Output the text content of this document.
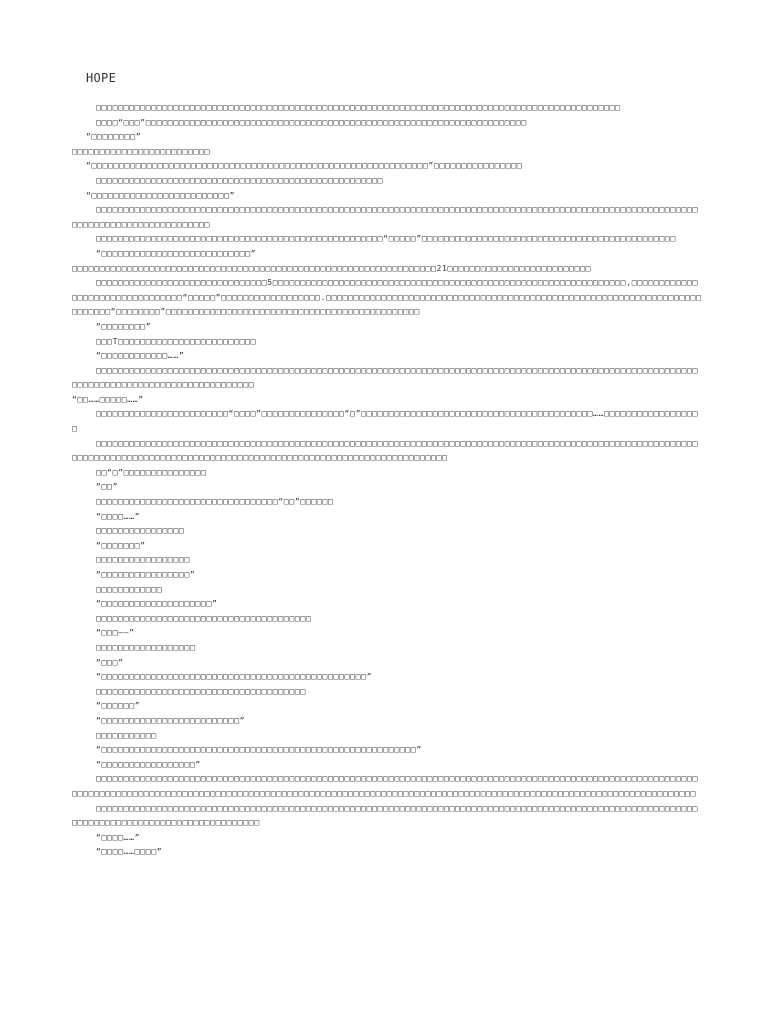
HOPE

□□□□□□□□□□□□□□□□□□□□□□□□□□□□□□□□□□□□□□□□□□□□□□□□□□□□□□□□□□□□□□□□□□□□□□□□□□□□□□□□□□□□□□□□□□□□□□□

□□□□“□□□”□□□□□□□□□□□□□□□□□□□□□□□□□□□□□□□□□□□□□□□□□□□□□□□□□□□□□□□□□□□□□□□□□□□□□

“□□□□□□□□”

□□□□□□□□□□□□□□□□□□□□□□□□□

“□□□□□□□□□□□□□□□□□□□□□□□□□□□□□□□□□□□□□□□□□□□□□□□□□□□□□□□□□□□□□”□□□□□□□□□□□□□□□□

□□□□□□□□□□□□□□□□□□□□□□□□□□□□□□□□□□□□□□□□□□□□□□□□□□□□

“□□□□□□□□□□□□□□□□□□□□□□□□□”

□□□□□□□□□□□□□□□□□□□□□□□□□□□□□□□□□□□□□□□□□□□□□□□□□□□□□□□□□□□□□□□□□□□□□□□□□□□□□□□□□□□□□□□□□□□□□□□□□□□□□□□□□□□□□□□□□□□□□□□□□□□□□□□□□□□□□□

□□□□□□□□□□□□□□□□□□□□□□□□□□□□□□□□□□□□□□□□□□□□□□□□□□□□“□□□□□”□□□□□□□□□□□□□□□□□□□□□□□□□□□□□□□□□□□□□□□□□□□□□□

“□□□□□□□□□□□□□□□□□□□□□□□□□□□”

□□□□□□□□□□□□□□□□□□□□□□□□□□□□□□□□□□□□□□□□□□□□□□□□□□□□□□□□□□□□□□□□□□21□□□□□□□□□□□□□□□□□□□□□□□□□□

□□□□□□□□□□□□□□□□□□□□□□□□□□□□□□□5□□□□□□□□□□□□□□□□□□□□□□□□□□□□□□□□□□□□□□□□□□□□□□□□□□□□□□□□□□□□□□□□,□□□□□□□□□□□□□□□□□□□□□□□□□□□□□□□□“□□□□□”□□□□□□□□□□□□□□□□□□.□□□□□□□□□□□□□□□□□□□□□□□□□□□□□□□□□□□□□□□□□□□□□□□□□□□□□□□□□□□□□□□□□□□□□□□□□□□“□□□□□□□□”□□□□□□□□□□□□□□□□□□□□□□□□□□□□□□□□□□□□□□□□□□□□□□

“□□□□□□□□”

□□□T□□□□□□□□□□□□□□□□□□□□□□□□□

“□□□□□□□□□□□□……”

□□□□□□□□□□□□□□□□□□□□□□□□□□□□□□□□□□□□□□□□□□□□□□□□□□□□□□□□□□□□□□□□□□□□□□□□□□□□□□□□□□□□□□□□□□□□□□□□□□□□□□□□□□□□□□□□□□□□□□□□□□□□□□□□□□□□□□□□□□□□□□

“□□……□□□□□……”

□□□□□□□□□□□□□□□□□□□□□□□□“□□□□”□□□□□□□□□□□□□□□“□”□□□□□□□□□□□□□□□□□□□□□□□□□□□□□□□□□□□□□□□□□□……□□□□□□□□□□□□□□□□□□

□□□□□□□□□□□□□□□□□□□□□□□□□□□□□□□□□□□□□□□□□□□□□□□□□□□□□□□□□□□□□□□□□□□□□□□□□□□□□□□□□□□□□□□□□□□□□□□□□□□□□□□□□□□□□□□□□□□□□□□□□□□□□□□□□□□□□□□□□□□□□□□□□□□□□□□□□□□□□□□□□□□□□□□□□□□□□□□□□

□□“□”□□□□□□□□□□□□□□□

“□□”

□□□□□□□□□□□□□□□□□□□□□□□□□□□□□□□□□“□□”□□□□□□

“□□□□……”

□□□□□□□□□□□□□□□□

“□□□□□□□”

□□□□□□□□□□□□□□□□□

“□□□□□□□□□□□□□□□□”

□□□□□□□□□□□□

“□□□□□□□□□□□□□□□□□□□□”

□□□□□□□□□□□□□□□□□□□□□□□□□□□□□□□□□□□□□□□

“□□□——”

□□□□□□□□□□□□□□□□□□

“□□□”

“□□□□□□□□□□□□□□□□□□□□□□□□□□□□□□□□□□□□□□□□□□□□□□□□”

□□□□□□□□□□□□□□□□□□□□□□□□□□□□□□□□□□□□□□

“□□□□□□”

“□□□□□□□□□□□□□□□□□□□□□□□□□”

□□□□□□□□□□□

“□□□□□□□□□□□□□□□□□□□□□□□□□□□□□□□□□□□□□□□□□□□□□□□□□□□□□□□□□”

“□□□□□□□□□□□□□□□□□”

□□□□□□□□□□□□□□□□□□□□□□□□□□□□□□□□□□□□□□□□□□□□□□□□□□□□□□□□□□□□□□□□□□□□□□□□□□□□□□□□□□□□□□□□□□□□□□□□□□□□□□□□□□□□□□□□□□□□□□□□□□□□□□□□□□□□□□□□□□□□□□□□□□□□□□□□□□□□□□□□□□□□□□□□□□□□□□□□□□□□□□□□□□□□□□□□□□□□□□□□□□□□□□□□□□□□□□□□□□□□□□

□□□□□□□□□□□□□□□□□□□□□□□□□□□□□□□□□□□□□□□□□□□□□□□□□□□□□□□□□□□□□□□□□□□□□□□□□□□□□□□□□□□□□□□□□□□□□□□□□□□□□□□□□□□□□□□□□□□□□□□□□□□□□□□□□□□□□□□□□□□□□□□

“□□□□……”

“□□□□……□□□□”
